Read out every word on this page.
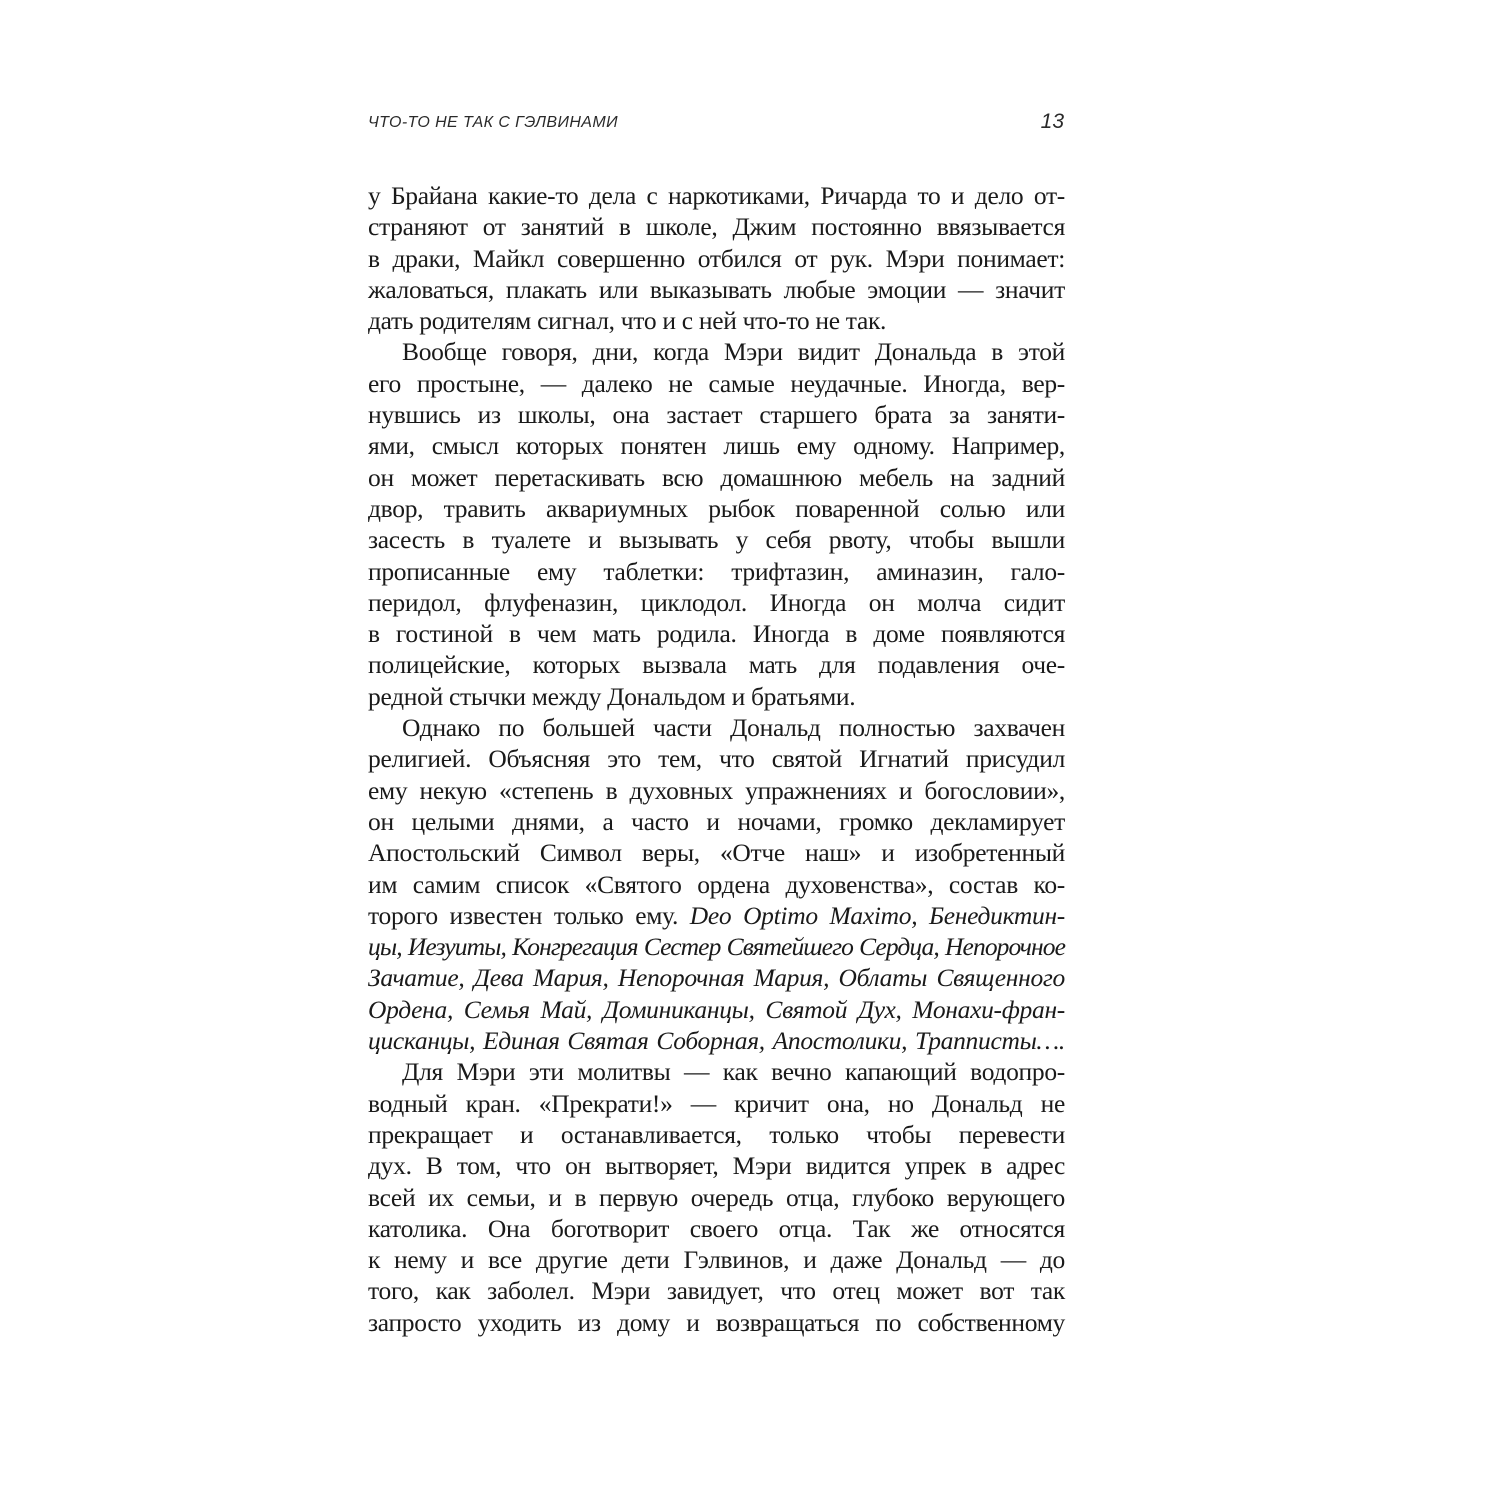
ЧТО-ТО НЕ ТАК С ГЭЛВИНАМИ	13
у Брайана какие-то дела с наркотиками, Ричарда то и дело от-
страняют от занятий в школе, Джим постоянно ввязывается
в драки, Майкл совершенно отбился от рук. Мэри понимает:
жаловаться, плакать или выказывать любые эмоции — значит
дать родителям сигнал, что и с ней что-то не так.
Вообще говоря, дни, когда Мэри видит Дональда в этой
его простыне, — далеко не самые неудачные. Иногда, вер-
нувшись из школы, она застает старшего брата за заняти-
ями, смысл которых понятен лишь ему одному. Например,
он может перетаскивать всю домашнюю мебель на задний
двор, травить аквариумных рыбок поваренной солью или
засесть в туалете и вызывать у себя рвоту, чтобы вышли
прописанные ему таблетки: трифтазин, аминазин, гало-
перидол, флуфеназин, циклодол. Иногда он молча сидит
в гостиной в чем мать родила. Иногда в доме появляются
полицейские, которых вызвала мать для подавления оче-
редной стычки между Дональдом и братьями.
Однако по большей части Дональд полностью захвачен
религией. Объясняя это тем, что святой Игнатий присудил
ему некую «степень в духовных упражнениях и богословии»,
он целыми днями, а часто и ночами, громко декламирует
Апостольский Символ веры, «Отче наш» и изобретенный
им самим список «Святого ордена духовенства», состав ко-
торого известен только ему. Deo Optimo Maximo, Бенедиктин-
цы, Иезуиты, Конгрегация Сестер Святейшего Сердца, Непорочное
Зачатие, Дева Мария, Непорочная Мария, Облаты Священного
Ордена, Семья Май, Доминиканцы, Святой Дух, Монахи-фран-
цисканцы, Единая Святая Соборная, Апостолики, Трапписты….
Для Мэри эти молитвы — как вечно капающий водопро-
водный кран. «Прекрати!» — кричит она, но Дональд не
прекращает и останавливается, только чтобы перевести
дух. В том, что он вытворяет, Мэри видится упрек в адрес
всей их семьи, и в первую очередь отца, глубоко верующего
католика. Она боготворит своего отца. Так же относятся
к нему и все другие дети Гэлвинов, и даже Дональд — до
того, как заболел. Мэри завидует, что отец может вот так
запросто уходить из дому и возвращаться по собственному
